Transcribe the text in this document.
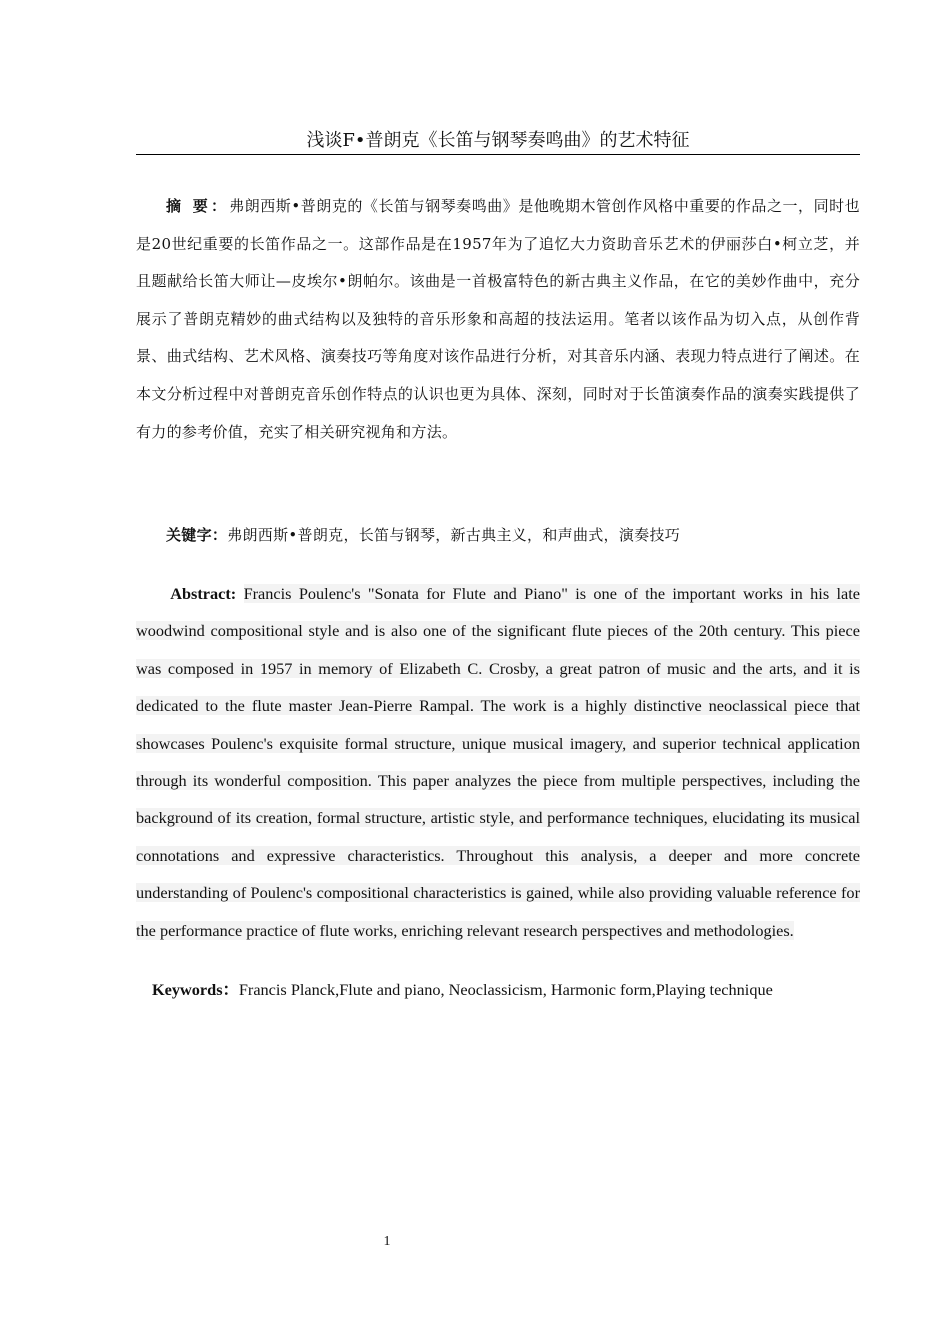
浅谈F•普朗克《长笛与钢琴奏鸣曲》的艺术特征

摘 要：弗朗西斯•普朗克的《长笛与钢琴奏鸣曲》是他晚期木管创作风格中重要的作品之一，同时也是20世纪重要的长笛作品之一。这部作品是在1957年为了追忆大力资助音乐艺术的伊丽莎白•柯立芝，并且题献给长笛大师让—皮埃尔•朗帕尔。该曲是一首极富特色的新古典主义作品，在它的美妙作曲中，充分展示了普朗克精妙的曲式结构以及独特的音乐形象和高超的技法运用。笔者以该作品为切入点，从创作背景、曲式结构、艺术风格、演奏技巧等角度对该作品进行分析，对其音乐内涵、表现力特点进行了阐述。在本文分析过程中对普朗克音乐创作特点的认识也更为具体、深刻，同时对于长笛演奏作品的演奏实践提供了有力的参考价值，充实了相关研究视角和方法。

关键字：弗朗西斯•普朗克，长笛与钢琴，新古典主义，和声曲式，演奏技巧

Abstract: Francis Poulenc's "Sonata for Flute and Piano" is one of the important works in his late woodwind compositional style and is also one of the significant flute pieces of the 20th century. This piece was composed in 1957 in memory of Elizabeth C. Crosby, a great patron of music and the arts, and it is dedicated to the flute master Jean-Pierre Rampal. The work is a highly distinctive neoclassical piece that showcases Poulenc's exquisite formal structure, unique musical imagery, and superior technical application through its wonderful composition. This paper analyzes the piece from multiple perspectives, including the background of its creation, formal structure, artistic style, and performance techniques, elucidating its musical connotations and expressive characteristics. Throughout this analysis, a deeper and more concrete understanding of Poulenc's compositional characteristics is gained, while also providing valuable reference for the performance practice of flute works, enriching relevant research perspectives and methodologies.

Keywords：Francis Planck,Flute and piano, Neoclassicism, Harmonic form,Playing technique

1
